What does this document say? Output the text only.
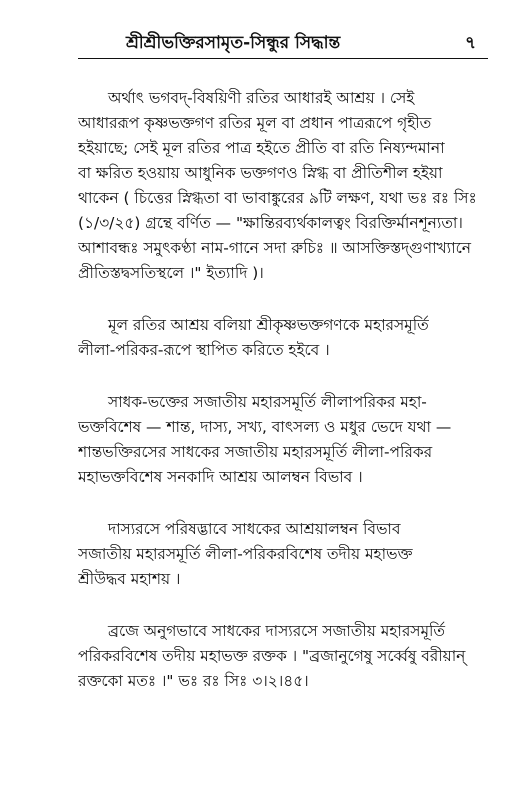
শ্রীশ্রীভক্তিরসামৃত-সিন্ধুর সিদ্ধান্ত	৭

অর্থাৎ ভগবদ্-বিষয়িণী রতির আধারই আশ্রয় । সেই
আধাররূপ কৃষ্ণভক্তগণ রতির মূল বা প্রধান পাত্ররূপে গৃহীত
হইয়াছে; সেই মূল রতির পাত্র হইতে প্রীতি বা রতি নিষ্যন্দমানা
বা ক্ষরিত হওয়ায় আধুনিক ভক্তগণও স্নিগ্ধ বা প্রীতিশীল হইয়া
থাকেন ( চিত্তের স্নিগ্ধতা বা ভাবাঙ্কুরের ৯টি লক্ষণ, যথা ভঃ রঃ সিঃ
(১/৩/২৫) গ্রন্থে বর্ণিত — "ক্ষান্তিরব্যর্থকালত্বং বিরক্তির্মানশূন্যতা।
আশাবন্ধঃ সমুৎকণ্ঠা নাম-গানে সদা রুচিঃ ॥ আসক্তিস্তদ্গুণাখ্যানে
প্রীতিস্তদ্বসতিস্থলে ।" ইত্যাদি )।

মূল রতির আশ্রয় বলিয়া শ্রীকৃষ্ণভক্তগণকে মহারসমূর্তি
লীলা-পরিকর-রূপে স্থাপিত করিতে হইবে ।

সাধক-ভক্তের সজাতীয় মহারসমূর্তি লীলাপরিকর মহা-
ভক্তবিশেষ — শান্ত, দাস্য, সখ্য, বাৎসল্য ও মধুর ভেদে যথা —
শান্তভক্তিরসের সাধকের সজাতীয় মহারসমূর্তি লীলা-পরিকর
মহাভক্তবিশেষ সনকাদি আশ্রয় আলম্বন বিভাব ।

দাস্যরসে পরিষদ্ভাবে সাধকের আশ্রয়ালম্বন বিভাব
সজাতীয় মহারসমূর্তি লীলা-পরিকরবিশেষ তদীয় মহাভক্ত
শ্রীউদ্ধব মহাশয় ।

ব্রজে অনুগভাবে সাধকের দাস্যরসে সজাতীয় মহারসমূর্তি
পরিকরবিশেষ তদীয় মহাভক্ত রক্তক । "ব্রজানুগেষু সর্ব্বেষু বরীয়ান্
রক্তকো মতঃ ।" ভঃ রঃ সিঃ ৩।২।৪৫।
